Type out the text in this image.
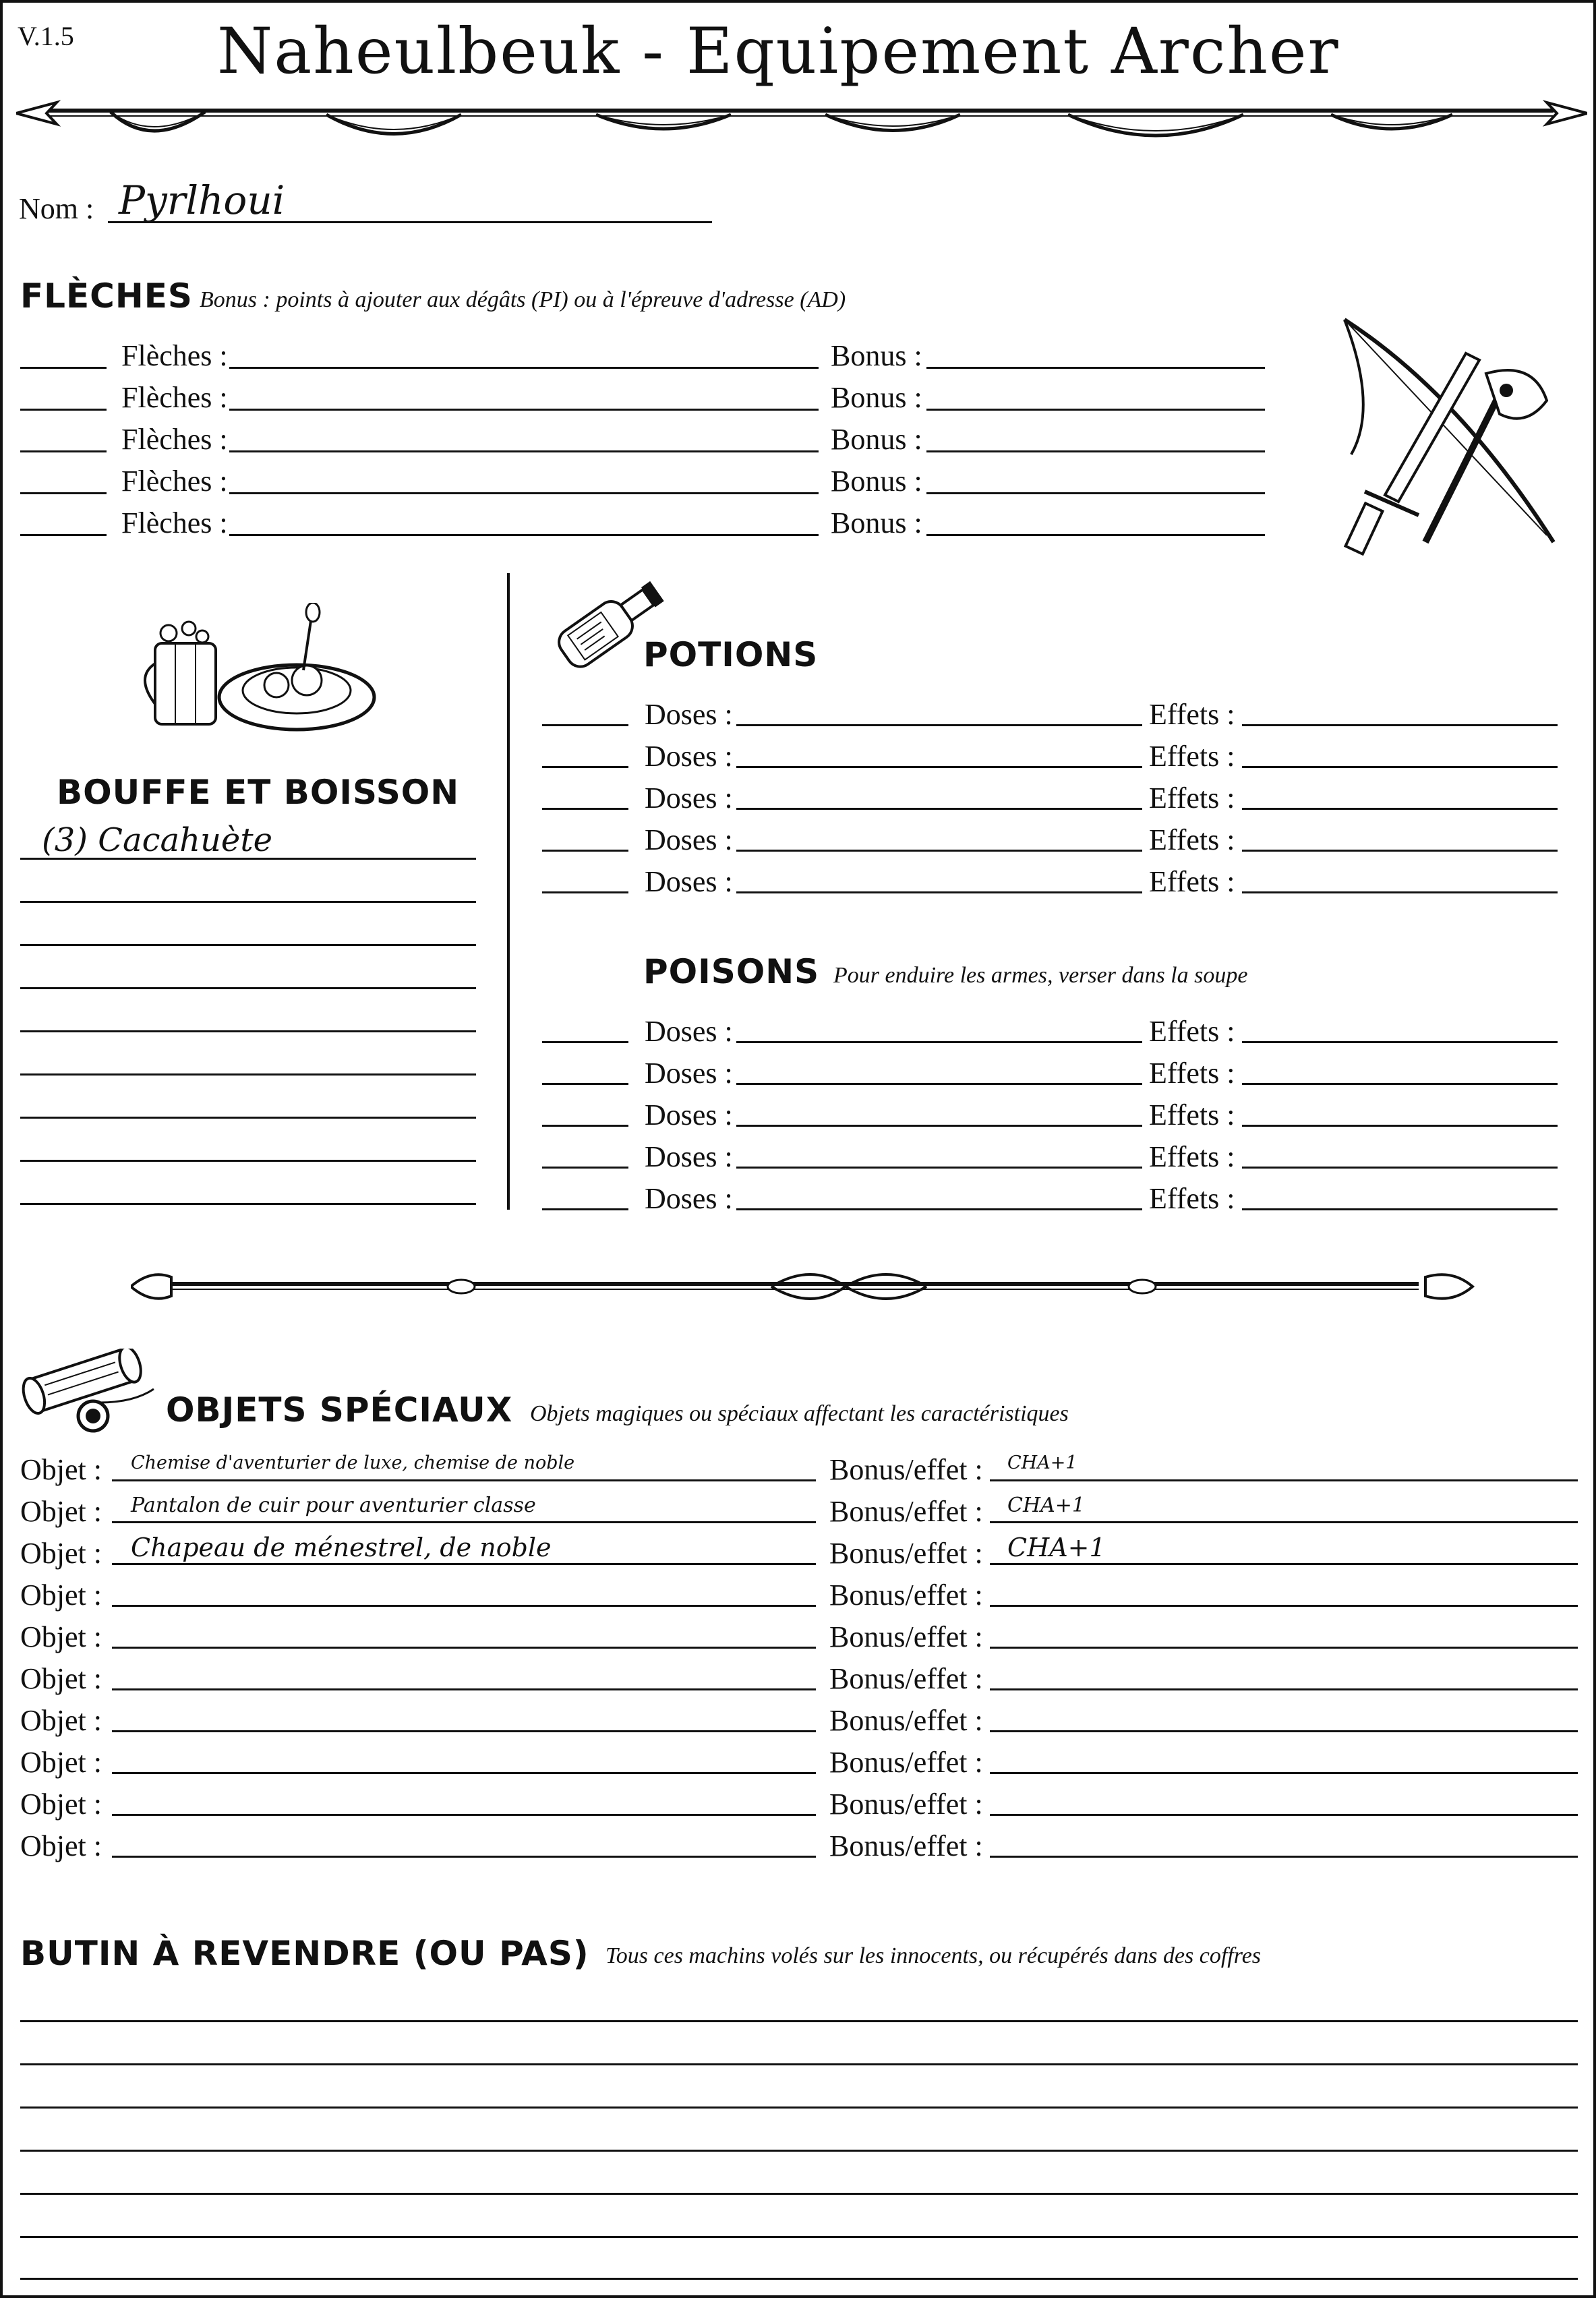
V.1.5 Naheulbeuk - Equipement Archer
Nom : Pyrlhoui
FLÈCHES Bonus : points à ajouter aux dégâts (PI) ou à l'épreuve d'adresse (AD)
Flèches :	Bonus :
Flèches :	Bonus :
Flèches :	Bonus :
Flèches :	Bonus :
Flèches :	Bonus :
BOUFFE ET BOISSON
(3) Cacahuète
POTIONS
Doses :	Effets :
Doses :	Effets :
Doses :	Effets :
Doses :	Effets :
Doses :	Effets :
POISONS Pour enduire les armes, verser dans la soupe
Doses :	Effets :
Doses :	Effets :
Doses :	Effets :
Doses :	Effets :
Doses :	Effets :
OBJETS SPÉCIAUX Objets magiques ou spéciaux affectant les caractéristiques
Objet : Chemise d'aventurier de luxe, chemise de noble	Bonus/effet : CHA+1
Objet : Pantalon de cuir pour aventurier classe	Bonus/effet : CHA+1
Objet : Chapeau de ménestrel, de noble	Bonus/effet : CHA+1
Objet :	Bonus/effet :
Objet :	Bonus/effet :
Objet :	Bonus/effet :
Objet :	Bonus/effet :
Objet :	Bonus/effet :
Objet :	Bonus/effet :
Objet :	Bonus/effet :
BUTIN À REVENDRE (OU PAS) Tous ces machins volés sur les innocents, ou récupérés dans des coffres
